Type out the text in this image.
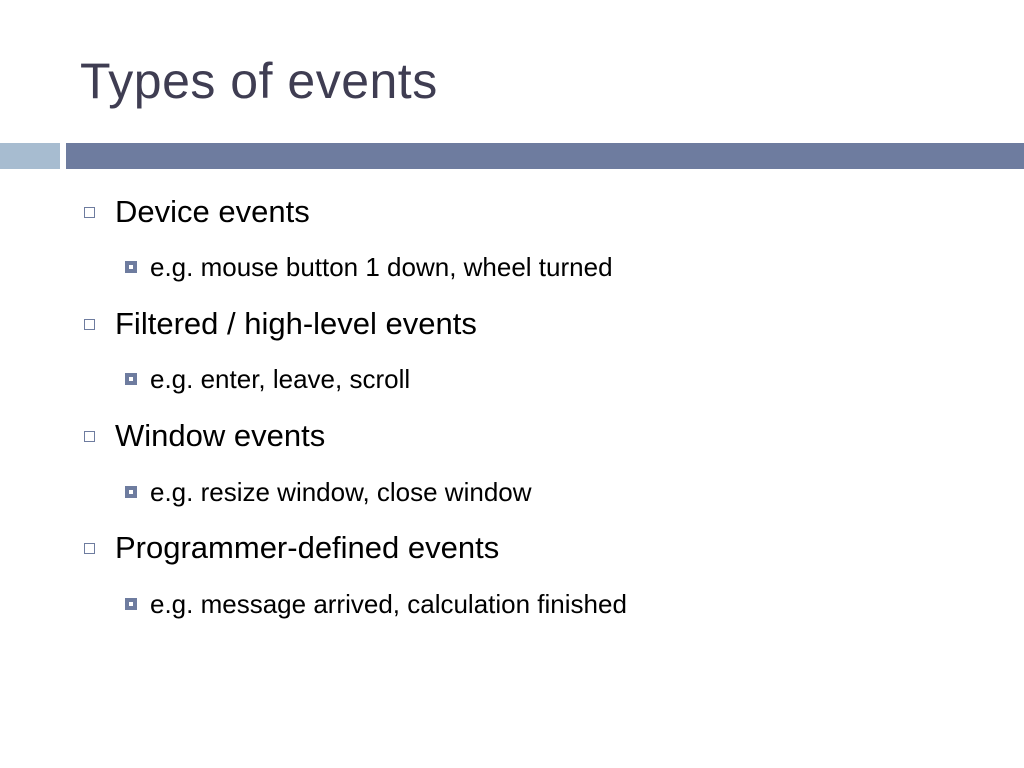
Types of events
Device events
e.g. mouse button 1 down, wheel turned
Filtered / high-level events
e.g. enter, leave, scroll
Window events
e.g. resize window, close window
Programmer-defined events
e.g. message arrived, calculation finished
